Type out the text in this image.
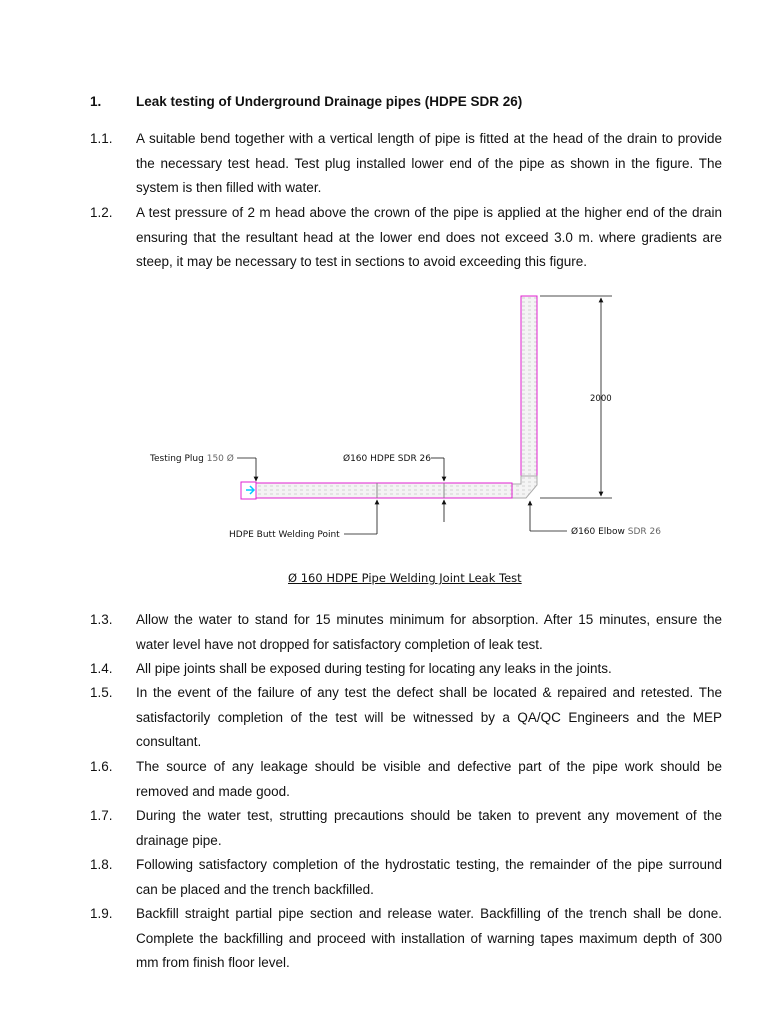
1.	Leak testing of Underground Drainage pipes (HDPE SDR 26)
1.1. A suitable bend together with a vertical length of pipe is fitted at the head of the drain to provide the necessary test head. Test plug installed lower end of the pipe as shown in the figure. The system is then filled with water.
1.2. A test pressure of 2 m head above the crown of the pipe is applied at the higher end of the drain ensuring that the resultant head at the lower end does not exceed 3.0 m. where gradients are steep, it may be necessary to test in sections to avoid exceeding this figure.
2000
Testing Plug 150 Ø	Ø160 HDPE SDR 26
HDPE Butt Welding Point	Ø160 Elbow SDR 26
Ø 160 HDPE Pipe Welding Joint Leak Test
1.3. Allow the water to stand for 15 minutes minimum for absorption. After 15 minutes, ensure the water level have not dropped for satisfactory completion of leak test.
1.4. All pipe joints shall be exposed during testing for locating any leaks in the joints.
1.5. In the event of the failure of any test the defect shall be located & repaired and retested. The satisfactorily completion of the test will be witnessed by a QA/QC Engineers and the MEP consultant.
1.6. The source of any leakage should be visible and defective part of the pipe work should be removed and made good.
1.7. During the water test, strutting precautions should be taken to prevent any movement of the drainage pipe.
1.8. Following satisfactory completion of the hydrostatic testing, the remainder of the pipe surround can be placed and the trench backfilled.
1.9. Backfill straight partial pipe section and release water. Backfilling of the trench shall be done. Complete the backfilling and proceed with installation of warning tapes maximum depth of 300 mm from finish floor level.
